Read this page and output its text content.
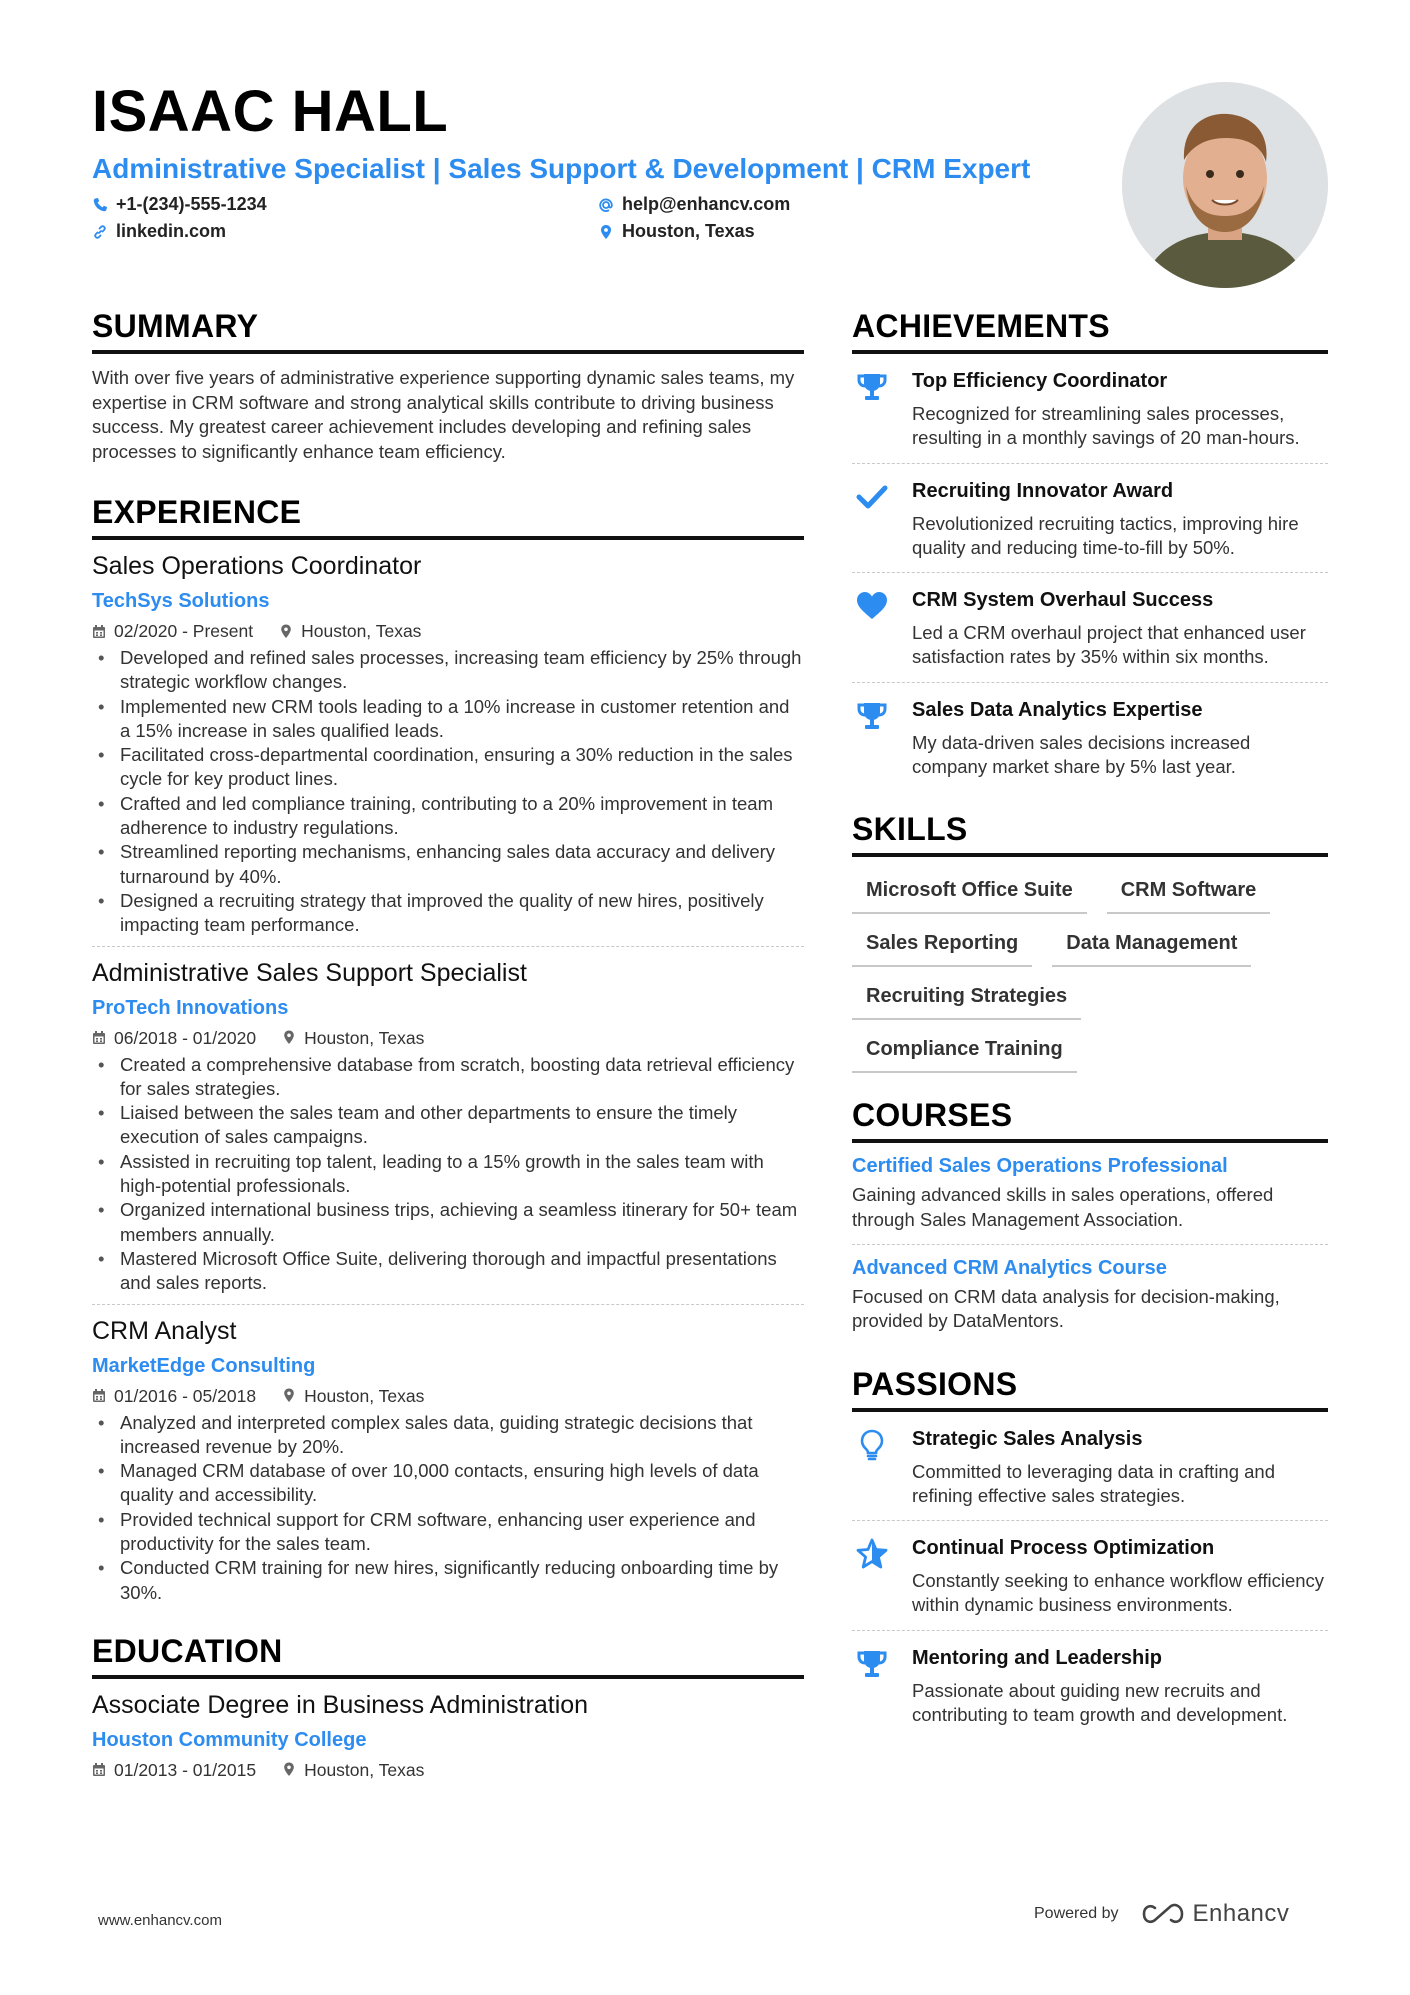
ISAAC HALL
Administrative Specialist | Sales Support & Development | CRM Expert
+1-(234)-555-1234	help@enhancv.com
linkedin.com	Houston, Texas
SUMMARY

With over five years of administrative experience supporting dynamic sales teams, my expertise in CRM software and strong analytical skills contribute to driving business success. My greatest career achievement includes developing and refining sales processes to significantly enhance team efficiency.

EXPERIENCE
Sales Operations Coordinator
TechSys Solutions
02/2020 - Present	Houston, Texas
• Developed and refined sales processes, increasing team efficiency by 25% through strategic workflow changes.
• Implemented new CRM tools leading to a 10% increase in customer retention and a 15% increase in sales qualified leads.
• Facilitated cross-departmental coordination, ensuring a 30% reduction in the sales cycle for key product lines.
• Crafted and led compliance training, contributing to a 20% improvement in team adherence to industry regulations.
• Streamlined reporting mechanisms, enhancing sales data accuracy and delivery turnaround by 40%.
• Designed a recruiting strategy that improved the quality of new hires, positively impacting team performance.
Administrative Sales Support Specialist
ProTech Innovations
06/2018 - 01/2020	Houston, Texas
• Created a comprehensive database from scratch, boosting data retrieval efficiency for sales strategies.
• Liaised between the sales team and other departments to ensure the timely execution of sales campaigns.
• Assisted in recruiting top talent, leading to a 15% growth in the sales team with high-potential professionals.
• Organized international business trips, achieving a seamless itinerary for 50+ team members annually.
• Mastered Microsoft Office Suite, delivering thorough and impactful presentations and sales reports.
CRM Analyst
MarketEdge Consulting
01/2016 - 05/2018	Houston, Texas
• Analyzed and interpreted complex sales data, guiding strategic decisions that increased revenue by 20%.
• Managed CRM database of over 10,000 contacts, ensuring high levels of data quality and accessibility.
• Provided technical support for CRM software, enhancing user experience and productivity for the sales team.
• Conducted CRM training for new hires, significantly reducing onboarding time by 30%.
EDUCATION
Associate Degree in Business Administration
Houston Community College
01/2013 - 01/2015	Houston, Texas
ACHIEVEMENTS
Top Efficiency Coordinator
Recognized for streamlining sales processes, resulting in a monthly savings of 20 man-hours.
Recruiting Innovator Award
Revolutionized recruiting tactics, improving hire quality and reducing time-to-fill by 50%.
CRM System Overhaul Success
Led a CRM overhaul project that enhanced user satisfaction rates by 35% within six months.
Sales Data Analytics Expertise
My data-driven sales decisions increased company market share by 5% last year.
SKILLS
Microsoft Office Suite	CRM Software
Sales Reporting	Data Management
Recruiting Strategies
Compliance Training
COURSES
Certified Sales Operations Professional
Gaining advanced skills in sales operations, offered through Sales Management Association.
Advanced CRM Analytics Course
Focused on CRM data analysis for decision-making, provided by DataMentors.
PASSIONS
Strategic Sales Analysis
Committed to leveraging data in crafting and refining effective sales strategies.
Continual Process Optimization
Constantly seeking to enhance workflow efficiency within dynamic business environments.
Mentoring and Leadership
Passionate about guiding new recruits and contributing to team growth and development.
www.enhancv.com	Powered by	Enhancv
